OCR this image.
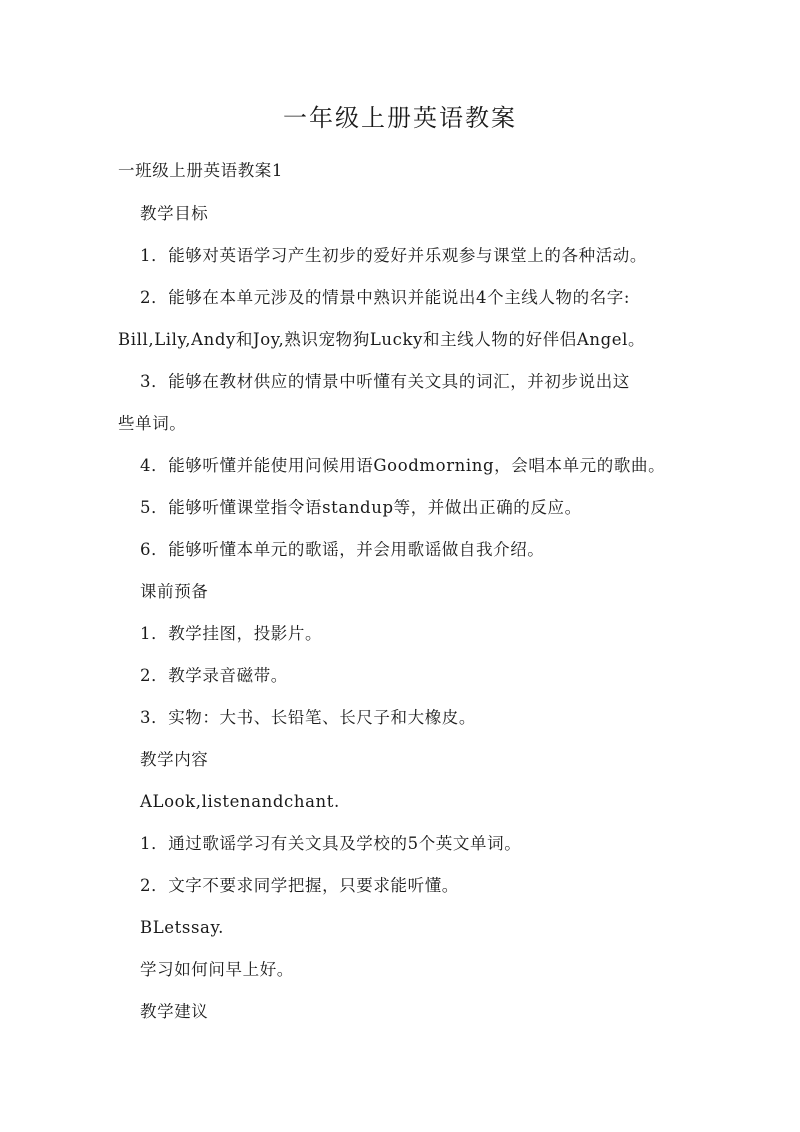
一年级上册英语教案
一班级上册英语教案1
教学目标
1．能够对英语学习产生初步的爱好并乐观参与课堂上的各种活动。
2．能够在本单元涉及的情景中熟识并能说出4个主线人物的名字:
Bill,Lily,Andy和Joy,熟识宠物狗Lucky和主线人物的好伴侣Angel。
3．能够在教材供应的情景中听懂有关文具的词汇，并初步说出这
些单词。
4．能够听懂并能使用问候用语Goodmorning，会唱本单元的歌曲。
5．能够听懂课堂指令语standup等，并做出正确的反应。
6．能够听懂本单元的歌谣，并会用歌谣做自我介绍。
课前预备
1．教学挂图，投影片。
2．教学录音磁带。
3．实物：大书、长铅笔、长尺子和大橡皮。
教学内容
ALook,listenandchant.
1．通过歌谣学习有关文具及学校的5个英文单词。
2．文字不要求同学把握，只要求能听懂。
BLetssay.
学习如何问早上好。
教学建议
